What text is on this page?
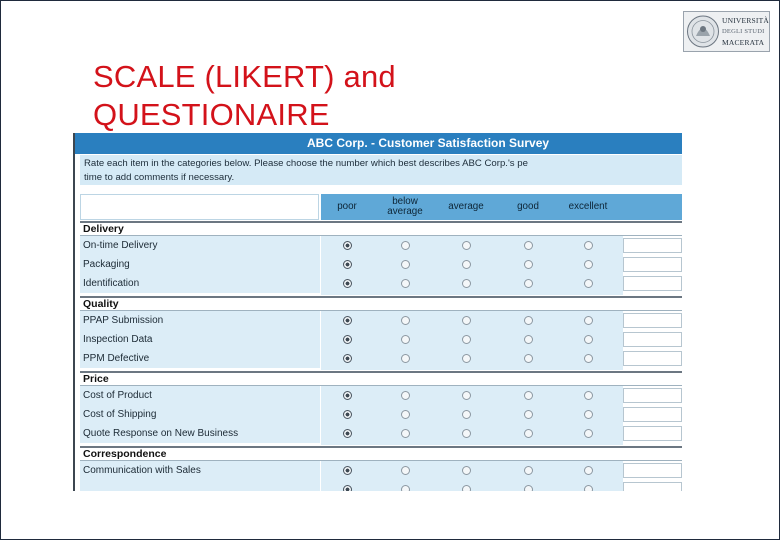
SCALE (LIKERT) and
QUESTIONAIRE
UNIVERSITÀ
DEGLI STUDI
MACERATA
ABC Corp. - Customer Satisfaction Survey
Rate each item in the categories below. Please choose the number which best describes ABC Corp.'s pe
time to add comments if necessary.
poor	below average	average	good	excellent
Delivery
On-time Delivery
Packaging
Identification
Quality
PPAP Submission
Inspection Data
PPM Defective
Price
Cost of Product
Cost of Shipping
Quote Response on New Business
Correspondence
Communication with Sales
